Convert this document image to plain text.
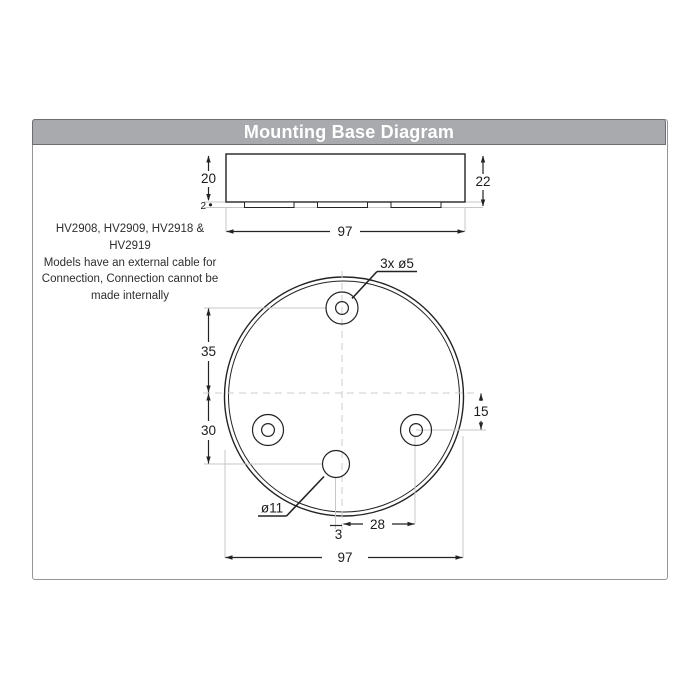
Mounting Base Diagram
HV2908, HV2909, HV2918 & HV2919
Models have an external cable for
Connection, Connection cannot be
made internally
20
2
22
97
35
30
15
28
3
97
3x ø5
ø11
